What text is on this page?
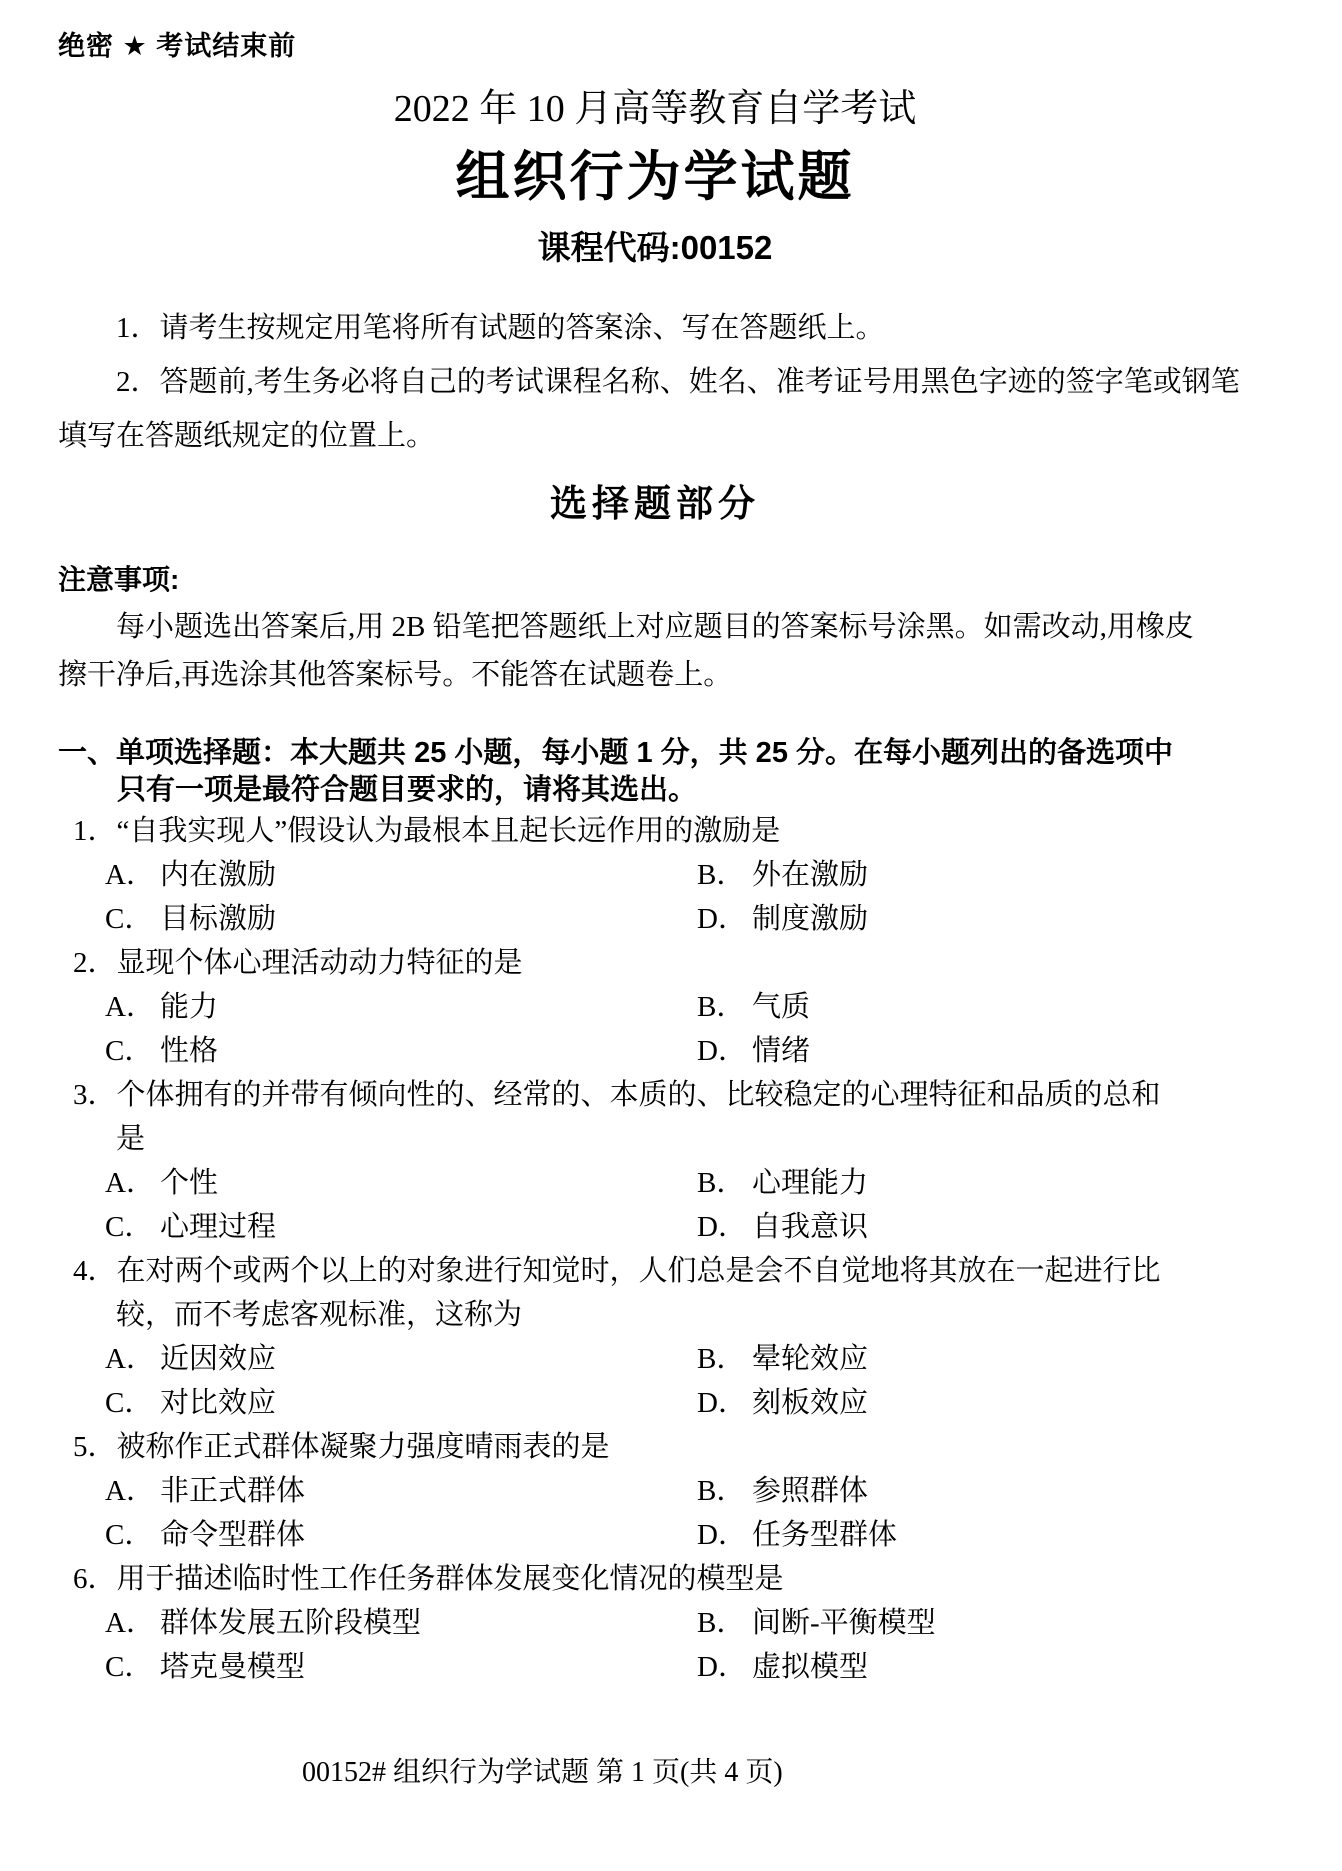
绝密 ★ 考试结束前
2022 年 10 月高等教育自学考试
组织行为学试题
课程代码:00152

1．请考生按规定用笔将所有试题的答案涂、写在答题纸上。

2．答题前,考生务必将自己的考试课程名称、姓名、准考证号用黑色字迹的签字笔或钢笔

填写在答题纸规定的位置上。

选择题部分
注意事项:

每小题选出答案后,用 2B 铅笔把答题纸上对应题目的答案标号涂黑。如需改动,用橡皮

擦干净后,再选涂其他答案标号。不能答在试题卷上。

一、单项选择题：本大题共 25 小题，每小题 1 分，共 25 分。在每小题列出的备选项中
只有一项是最符合题目要求的，请将其选出。
1．“自我实现人”假设认为最根本且起长远作用的激励是
A． 内在激励	B． 外在激励
C． 目标激励	D． 制度激励
2．显现个体心理活动动力特征的是
A． 能力	B． 气质
C． 性格	D． 情绪
3．个体拥有的并带有倾向性的、经常的、本质的、比较稳定的心理特征和品质的总和
是
A． 个性	B． 心理能力
C． 心理过程	D． 自我意识
4．在对两个或两个以上的对象进行知觉时，人们总是会不自觉地将其放在一起进行比
较，而不考虑客观标准，这称为
A． 近因效应	B． 晕轮效应
C． 对比效应	D． 刻板效应
5．被称作正式群体凝聚力强度晴雨表的是
A． 非正式群体	B． 参照群体
C． 命令型群体	D． 任务型群体
6．用于描述临时性工作任务群体发展变化情况的模型是
A． 群体发展五阶段模型	B． 间断-平衡模型
C． 塔克曼模型	D． 虚拟模型
00152# 组织行为学试题 第 1 页(共 4 页)
